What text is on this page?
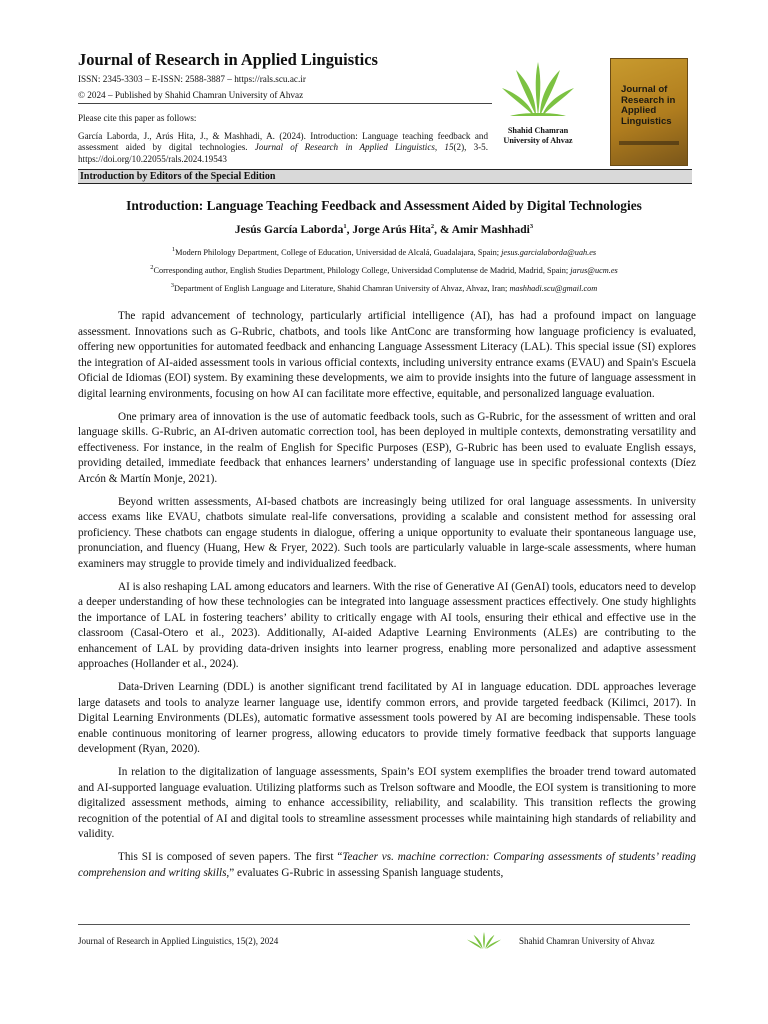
Journal of Research in Applied Linguistics
ISSN: 2345-3303 – E-ISSN: 2588-3887 – https://rals.scu.ac.ir
© 2024 – Published by Shahid Chamran University of Ahvaz

Please cite this paper as follows:

García Laborda, J., Arús Hita, J., & Mashhadi, A. (2024). Introduction: Language teaching feedback and assessment aided by digital technologies. Journal of Research in Applied Linguistics, 15(2), 3-5. https://doi.org/10.22055/rals.2024.19543

Shahid Chamran University of Ahvaz
Journal of
Research in
Applied
Linguistics
Introduction by Editors of the Special Edition
Introduction: Language Teaching Feedback and Assessment Aided by Digital Technologies
Jesús García Laborda$^1$, Jorge Arús Hita$^2$, & Amir Mashhadi$^3$
$^1$Modern Philology Department, College of Education, Universidad de Alcalá, Guadalajara, Spain; jesus.garcialaborda@uah.es
$^2$Corresponding author, English Studies Department, Philology College, Universidad Complutense de Madrid, Madrid, Spain; jarus@ucm.es
$^3$Department of English Language and Literature, Shahid Chamran University of Ahvaz, Ahvaz, Iran; mashhadi.scu@gmail.com

The rapid advancement of technology, particularly artificial intelligence (AI), has had a profound impact on language assessment. Innovations such as G-Rubric, chatbots, and tools like AntConc are transforming how language proficiency is evaluated, offering new opportunities for automated feedback and enhancing Language Assessment Literacy (LAL). This special issue (SI) explores the integration of AI-aided assessment tools in various official contexts, including university entrance exams (EVAU) and Spain's Escuela Oficial de Idiomas (EOI) system. By examining these developments, we aim to provide insights into the future of language assessment in digital learning environments, focusing on how AI can facilitate more effective, equitable, and personalized language evaluation.

One primary area of innovation is the use of automatic feedback tools, such as G-Rubric, for the assessment of written and oral language skills. G-Rubric, an AI-driven automatic correction tool, has been deployed in multiple contexts, demonstrating versatility and effectiveness. For instance, in the realm of English for Specific Purposes (ESP), G-Rubric has been used to evaluate English essays, providing detailed, immediate feedback that enhances learners’ understanding of language use in specific professional contexts (Díez Arcón & Martín Monje, 2021).

Beyond written assessments, AI-based chatbots are increasingly being utilized for oral language assessments. In university access exams like EVAU, chatbots simulate real-life conversations, providing a scalable and consistent method for assessing oral proficiency. These chatbots can engage students in dialogue, offering a unique opportunity to evaluate their spontaneous language use, pronunciation, and fluency (Huang, Hew & Fryer, 2022). Such tools are particularly valuable in large-scale assessments, where human examiners may struggle to provide timely and individualized feedback.

AI is also reshaping LAL among educators and learners. With the rise of Generative AI (GenAI) tools, educators need to develop a deeper understanding of how these technologies can be integrated into language assessment practices effectively. One study highlights the importance of LAL in fostering teachers’ ability to critically engage with AI tools, ensuring their ethical and effective use in the classroom (Casal-Otero et al., 2023). Additionally, AI-aided Adaptive Learning Environments (ALEs) are contributing to the enhancement of LAL by providing data-driven insights into learner progress, enabling more personalized and adaptive assessment approaches (Hollander et al., 2024).

Data-Driven Learning (DDL) is another significant trend facilitated by AI in language education. DDL approaches leverage large datasets and tools to analyze learner language use, identify common errors, and provide targeted feedback (Kilimci, 2017). In Digital Learning Environments (DLEs), automatic formative assessment tools powered by AI are becoming indispensable. These tools enable continuous monitoring of learner progress, allowing educators to provide timely formative feedback that supports language development (Ryan, 2020).

In relation to the digitalization of language assessments, Spain’s EOI system exemplifies the broader trend toward automated and AI-supported language evaluation. Utilizing platforms such as Trelson software and Moodle, the EOI system is transitioning to more digitalized assessment methods, aiming to enhance accessibility, reliability, and scalability. This transition reflects the growing recognition of the potential of AI and digital tools to streamline assessment processes while maintaining high standards of reliability and validity.

This SI is composed of seven papers. The first “Teacher vs. machine correction: Comparing assessments of students’ reading comprehension and writing skills,” evaluates G-Rubric in assessing Spanish language students,

Journal of Research in Applied Linguistics, 15(2), 2024	Shahid Chamran University of Ahvaz
